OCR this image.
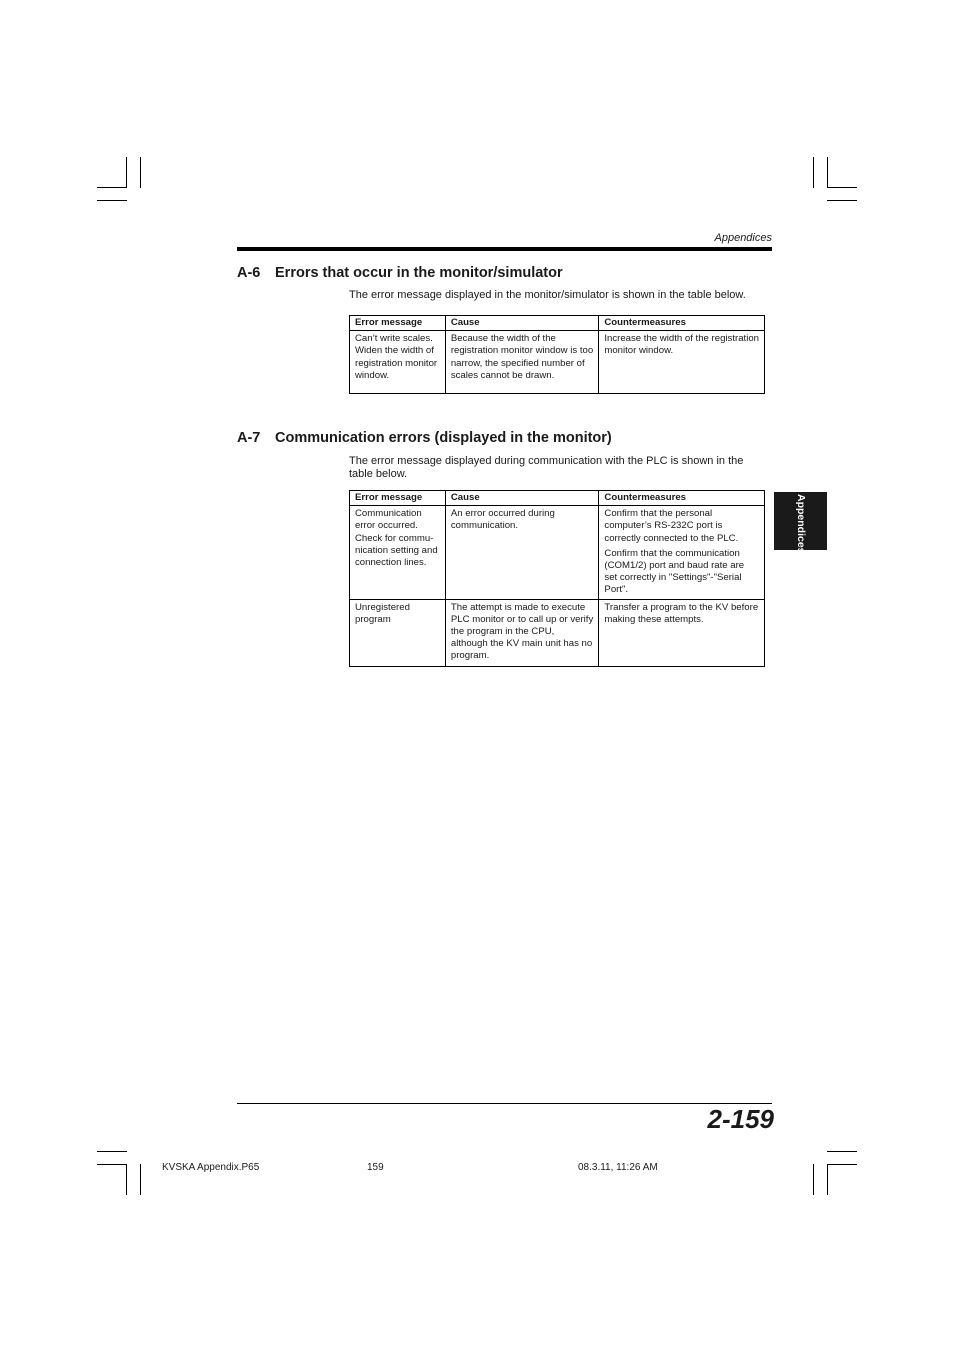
Appendices
A-6 Errors that occur in the monitor/simulator
The error message displayed in the monitor/simulator is shown in the table below.
Error message	Cause	Countermeasures
Can’t write scales. Widen the width of registration monitor window.	Because the width of the registration monitor window is too narrow, the specified number of scales cannot be drawn.	Increase the width of the registration monitor window.

A-7 Communication errors (displayed in the monitor)
The error message displayed during communication with the PLC is shown in the table below.
Error message	Cause	Countermeasures
Communication error occurred. Check for commu-nication setting and connection lines.	An error occurred during communication.	Confirm that the personal computer’s RS-232C port is correctly connected to the PLC.

Confirm that the communication (COM1/2) port and baud rate are set correctly in "Settings"-"Serial Port".

Unregistered program	The attempt is made to execute PLC monitor or to call up or verify the program in the CPU, although the KV main unit has no program.	Transfer a program to the KV before making these attempts.

Appendices
2-159
KVSKA Appendix.P65	159	08.3.11, 11:26 AM
